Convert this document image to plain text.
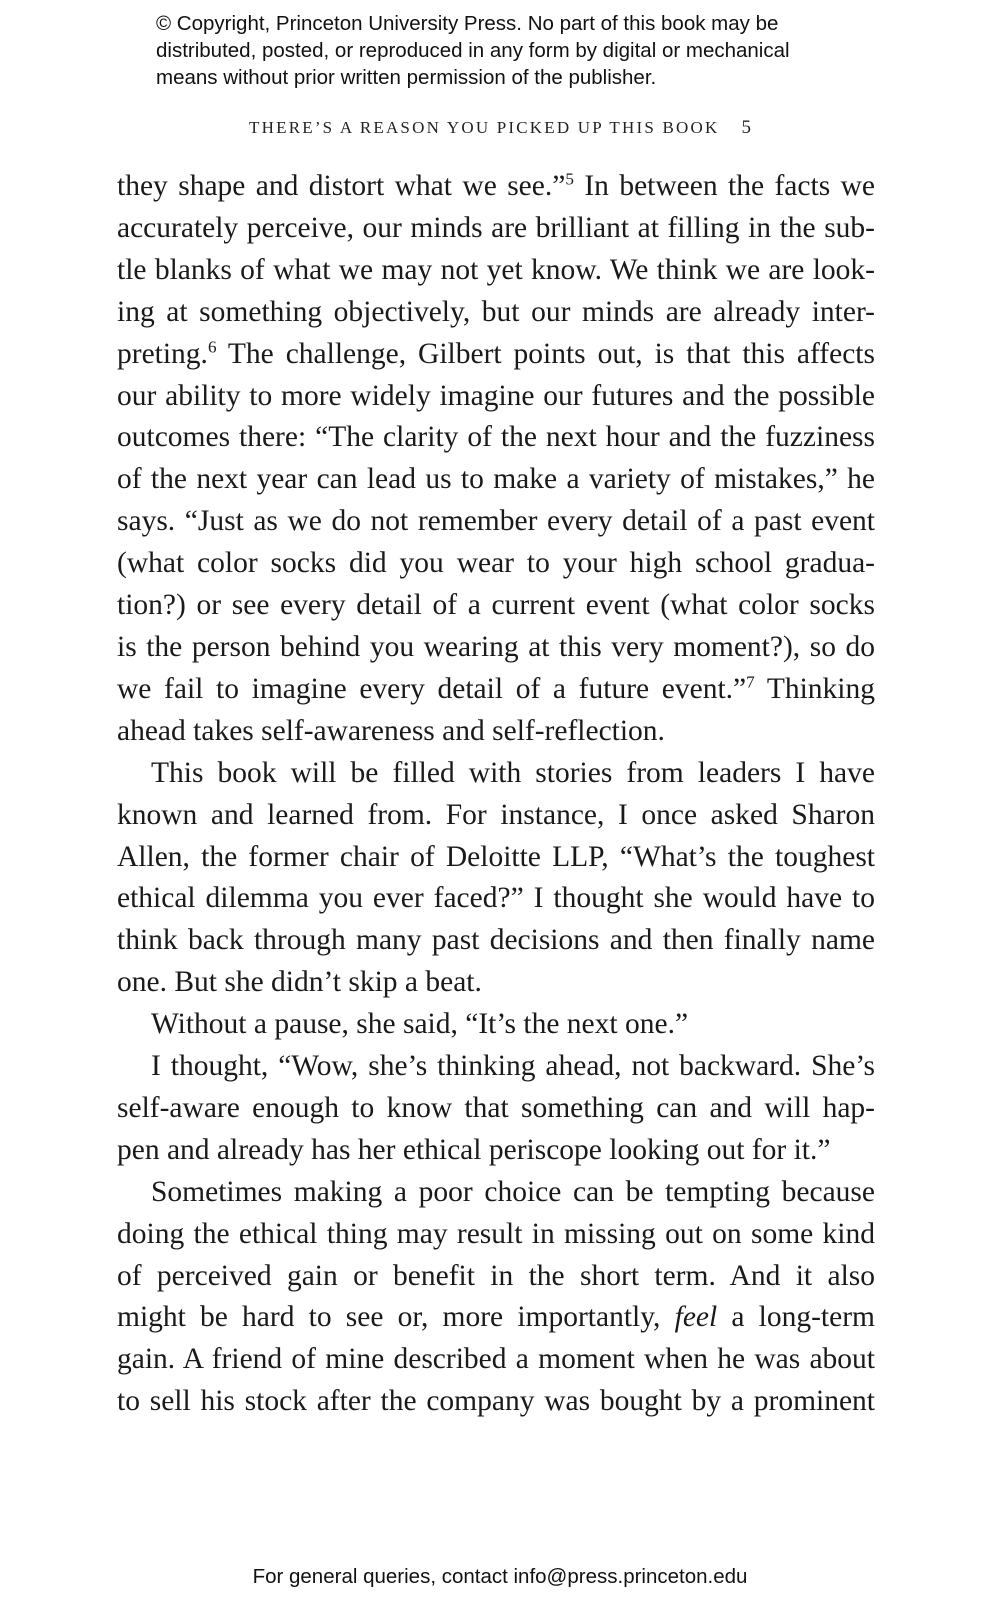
© Copyright, Princeton University Press. No part of this book may be
distributed, posted, or reproduced in any form by digital or mechanical
means without prior written permission of the publisher.
THERE’S A REASON YOU PICKED UP THIS BOOK 5
they shape and distort what we see.”$^5$ In between the facts we
accurately perceive, our minds are brilliant at filling in the sub-
tle blanks of what we may not yet know. We think we are look-
ing at something objectively, but our minds are already inter-
preting.$^6$ The challenge, Gilbert points out, is that this affects
our ability to more widely imagine our futures and the possible
outcomes there: “The clarity of the next hour and the fuzziness
of the next year can lead us to make a variety of mistakes,” he
says. “Just as we do not remember every detail of a past event
(what color socks did you wear to your high school gradua-
tion?) or see every detail of a current event (what color socks
is the person behind you wearing at this very moment?), so do
we fail to imagine every detail of a future event.”$^7$ Thinking
ahead takes self-awareness and self-reflection.
This book will be filled with stories from leaders I have
known and learned from. For instance, I once asked Sharon
Allen, the former chair of Deloitte LLP, “What’s the toughest
ethical dilemma you ever faced?” I thought she would have to
think back through many past decisions and then finally name
one. But she didn’t skip a beat.
Without a pause, she said, “It’s the next one.”
I thought, “Wow, she’s thinking ahead, not backward. She’s
self-aware enough to know that something can and will hap-
pen and already has her ethical periscope looking out for it.”
Sometimes making a poor choice can be tempting because
doing the ethical thing may result in missing out on some kind
of perceived gain or benefit in the short term. And it also
might be hard to see or, more importantly, feel a long-term
gain. A friend of mine described a moment when he was about
to sell his stock after the company was bought by a prominent
For general queries, contact info@press.princeton.edu
